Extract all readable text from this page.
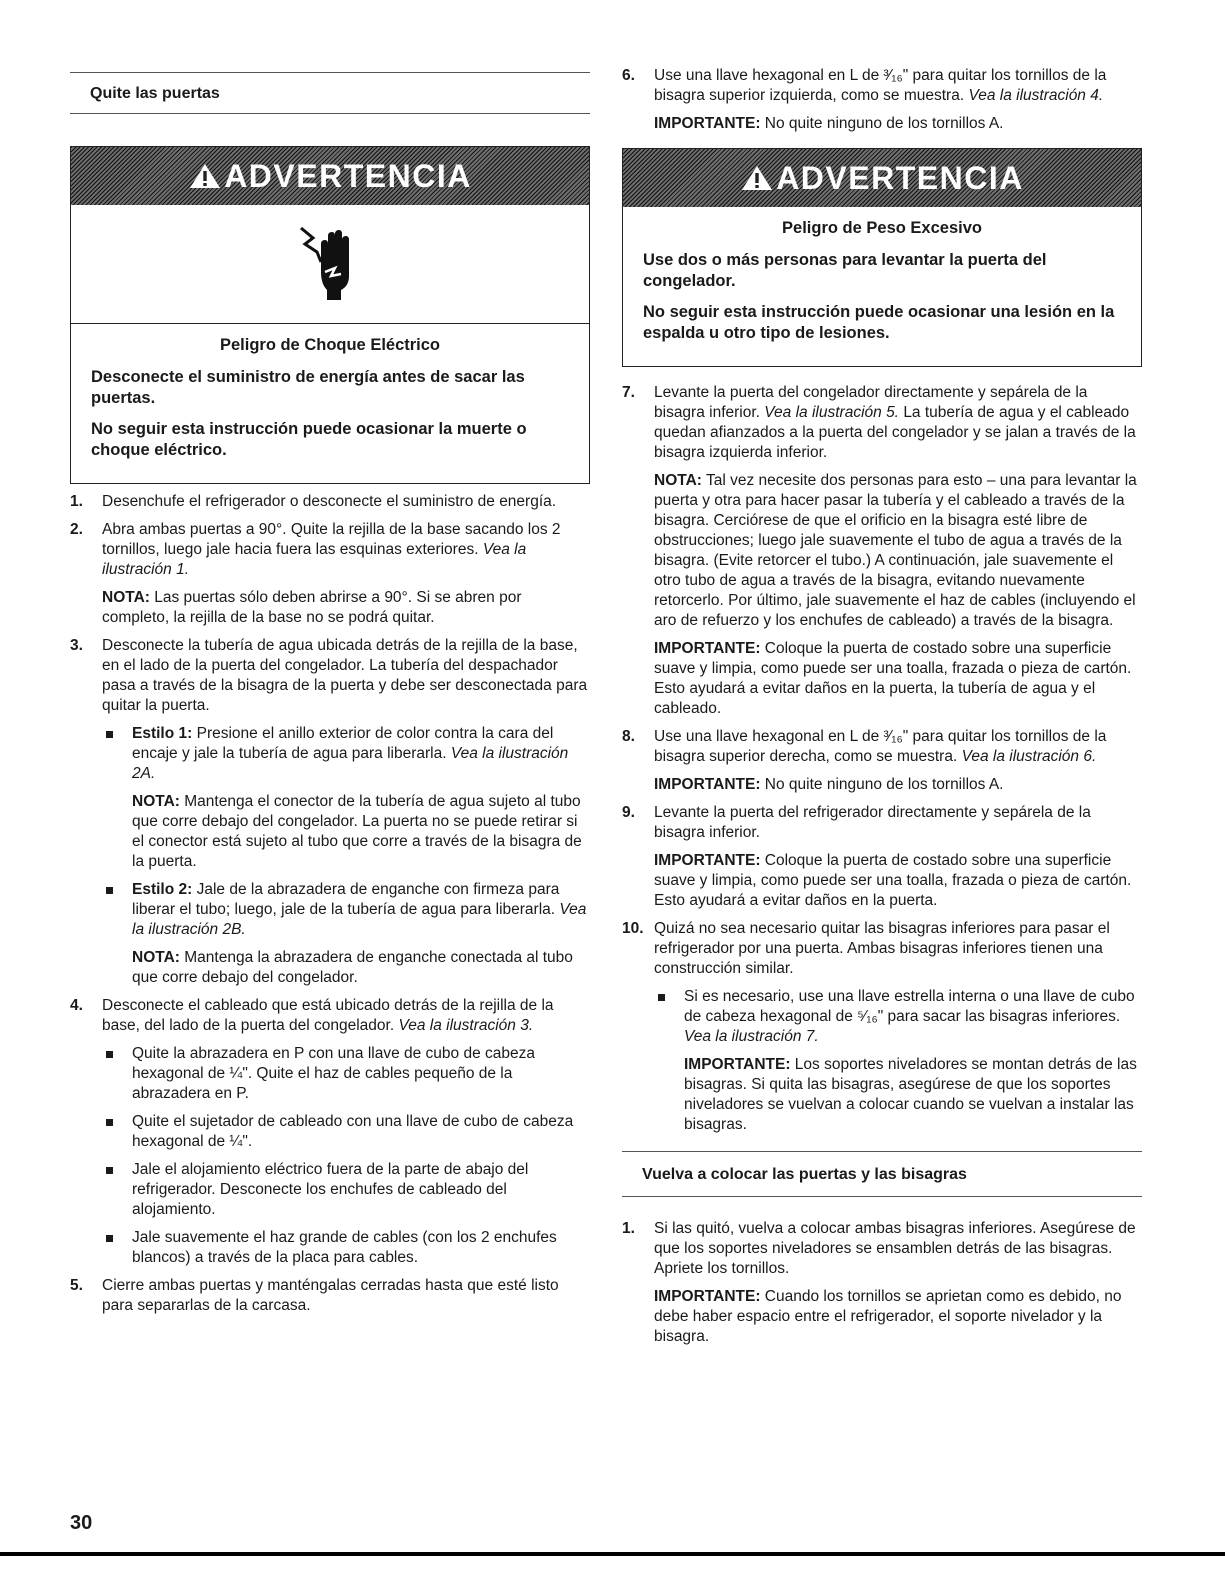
Quite las puertas
ADVERTENCIA

Peligro de Choque Eléctrico

Desconecte el suministro de energía antes de sacar las puertas.

No seguir esta instrucción puede ocasionar la muerte o choque eléctrico.

1. Desenchufe el refrigerador o desconecte el suministro de energía.

2. Abra ambas puertas a 90°. Quite la rejilla de la base sacando los 2 tornillos, luego jale hacia fuera las esquinas exteriores. Vea la ilustración 1.

NOTA: Las puertas sólo deben abrirse a 90°. Si se abren por completo, la rejilla de la base no se podrá quitar.

3. Desconecte la tubería de agua ubicada detrás de la rejilla de la base, en el lado de la puerta del congelador. La tubería del despachador pasa a través de la bisagra de la puerta y debe ser desconectada para quitar la puerta.

Estilo 1: Presione el anillo exterior de color contra la cara del encaje y jale la tubería de agua para liberarla. Vea la ilustración 2A.

NOTA: Mantenga el conector de la tubería de agua sujeto al tubo que corre debajo del congelador. La puerta no se puede retirar si el conector está sujeto al tubo que corre a través de la bisagra de la puerta.

Estilo 2: Jale de la abrazadera de enganche con firmeza para liberar el tubo; luego, jale de la tubería de agua para liberarla. Vea la ilustración 2B.

NOTA: Mantenga la abrazadera de enganche conectada al tubo que corre debajo del congelador.

4. Desconecte el cableado que está ubicado detrás de la rejilla de la base, del lado de la puerta del congelador. Vea la ilustración 3.

Quite la abrazadera en P con una llave de cubo de cabeza hexagonal de ¼". Quite el haz de cables pequeño de la abrazadera en P.
Quite el sujetador de cableado con una llave de cubo de cabeza hexagonal de ¼".
Jale el alojamiento eléctrico fuera de la parte de abajo del refrigerador. Desconecte los enchufes de cableado del alojamiento.
Jale suavemente el haz grande de cables (con los 2 enchufes blancos) a través de la placa para cables.
5. Cierre ambas puertas y manténgalas cerradas hasta que esté listo para separarlas de la carcasa.

6. Use una llave hexagonal en L de ³⁄₁₆" para quitar los tornillos de la bisagra superior izquierda, como se muestra. Vea la ilustración 4.

IMPORTANTE: No quite ninguno de los tornillos A.

ADVERTENCIA

Peligro de Peso Excesivo

Use dos o más personas para levantar la puerta del congelador.

No seguir esta instrucción puede ocasionar una lesión en la espalda u otro tipo de lesiones.

7. Levante la puerta del congelador directamente y sepárela de la bisagra inferior. Vea la ilustración 5. La tubería de agua y el cableado quedan afianzados a la puerta del congelador y se jalan a través de la bisagra izquierda inferior.

NOTA: Tal vez necesite dos personas para esto – una para levantar la puerta y otra para hacer pasar la tubería y el cableado a través de la bisagra. Cerciórese de que el orificio en la bisagra esté libre de obstrucciones; luego jale suavemente el tubo de agua a través de la bisagra. (Evite retorcer el tubo.) A continuación, jale suavemente el otro tubo de agua a través de la bisagra, evitando nuevamente retorcerlo. Por último, jale suavemente el haz de cables (incluyendo el aro de refuerzo y los enchufes de cableado) a través de la bisagra.

IMPORTANTE: Coloque la puerta de costado sobre una superficie suave y limpia, como puede ser una toalla, frazada o pieza de cartón. Esto ayudará a evitar daños en la puerta, la tubería de agua y el cableado.

8. Use una llave hexagonal en L de ³⁄₁₆" para quitar los tornillos de la bisagra superior derecha, como se muestra. Vea la ilustración 6.

IMPORTANTE: No quite ninguno de los tornillos A.

9. Levante la puerta del refrigerador directamente y sepárela de la bisagra inferior.

IMPORTANTE: Coloque la puerta de costado sobre una superficie suave y limpia, como puede ser una toalla, frazada o pieza de cartón. Esto ayudará a evitar daños en la puerta.

10. Quizá no sea necesario quitar las bisagras inferiores para pasar el refrigerador por una puerta. Ambas bisagras inferiores tienen una construcción similar.

Si es necesario, use una llave estrella interna o una llave de cubo de cabeza hexagonal de ⁵⁄₁₆" para sacar las bisagras inferiores. Vea la ilustración 7.

IMPORTANTE: Los soportes niveladores se montan detrás de las bisagras. Si quita las bisagras, asegúrese de que los soportes niveladores se vuelvan a colocar cuando se vuelvan a instalar las bisagras.

Vuelva a colocar las puertas y las bisagras
1. Si las quitó, vuelva a colocar ambas bisagras inferiores. Asegúrese de que los soportes niveladores se ensamblen detrás de las bisagras. Apriete los tornillos.

IMPORTANTE: Cuando los tornillos se aprietan como es debido, no debe haber espacio entre el refrigerador, el soporte nivelador y la bisagra.

30
